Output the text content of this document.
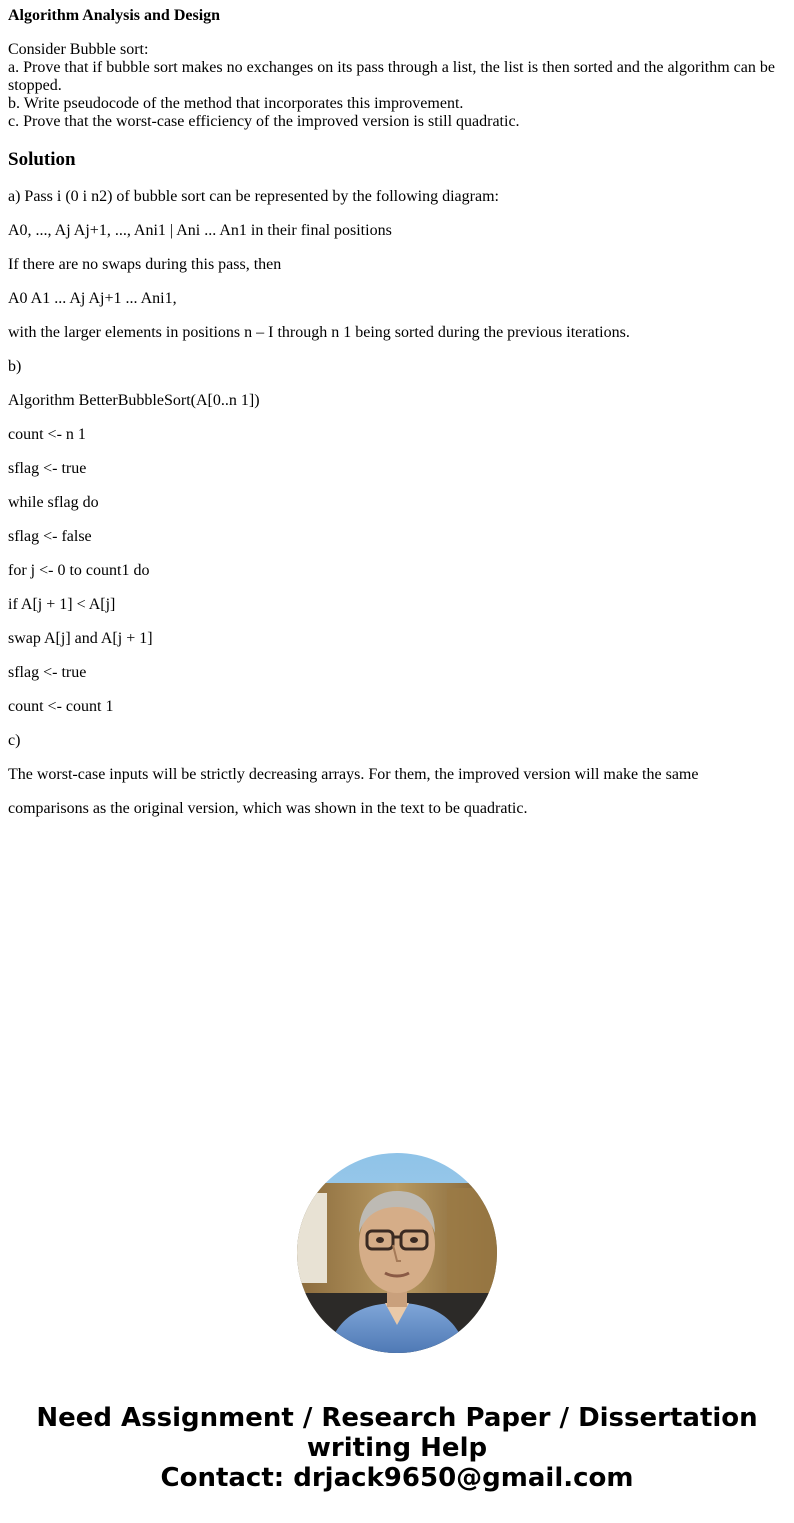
Algorithm Analysis and Design
Consider Bubble sort:
a. Prove that if bubble sort makes no exchanges on its pass through a list, the list is then sorted and the algorithm can be stopped.
b. Write pseudocode of the method that incorporates this improvement.
c. Prove that the worst-case efficiency of the improved version is still quadratic.
Solution

a) Pass i (0 i n2) of bubble sort can be represented by the following diagram:

A0, ..., Aj Aj+1, ..., Ani1 | Ani ... An1 in their final positions

If there are no swaps during this pass, then

A0 A1 ... Aj Aj+1 ... Ani1,

with the larger elements in positions n – I through n 1 being sorted during the previous iterations.

b)

Algorithm BetterBubbleSort(A[0..n 1])

count <- n 1

sflag <- true

while sflag do

sflag <- false

for j <- 0 to count1 do

if A[j + 1] < A[j]

swap A[j] and A[j + 1]

sflag <- true

count <- count 1

c)

The worst-case inputs will be strictly decreasing arrays. For them, the improved version will make the same

comparisons as the original version, which was shown in the text to be quadratic.

Need Assignment / Research Paper / Dissertation
writing Help
Contact: drjack9650@gmail.com
